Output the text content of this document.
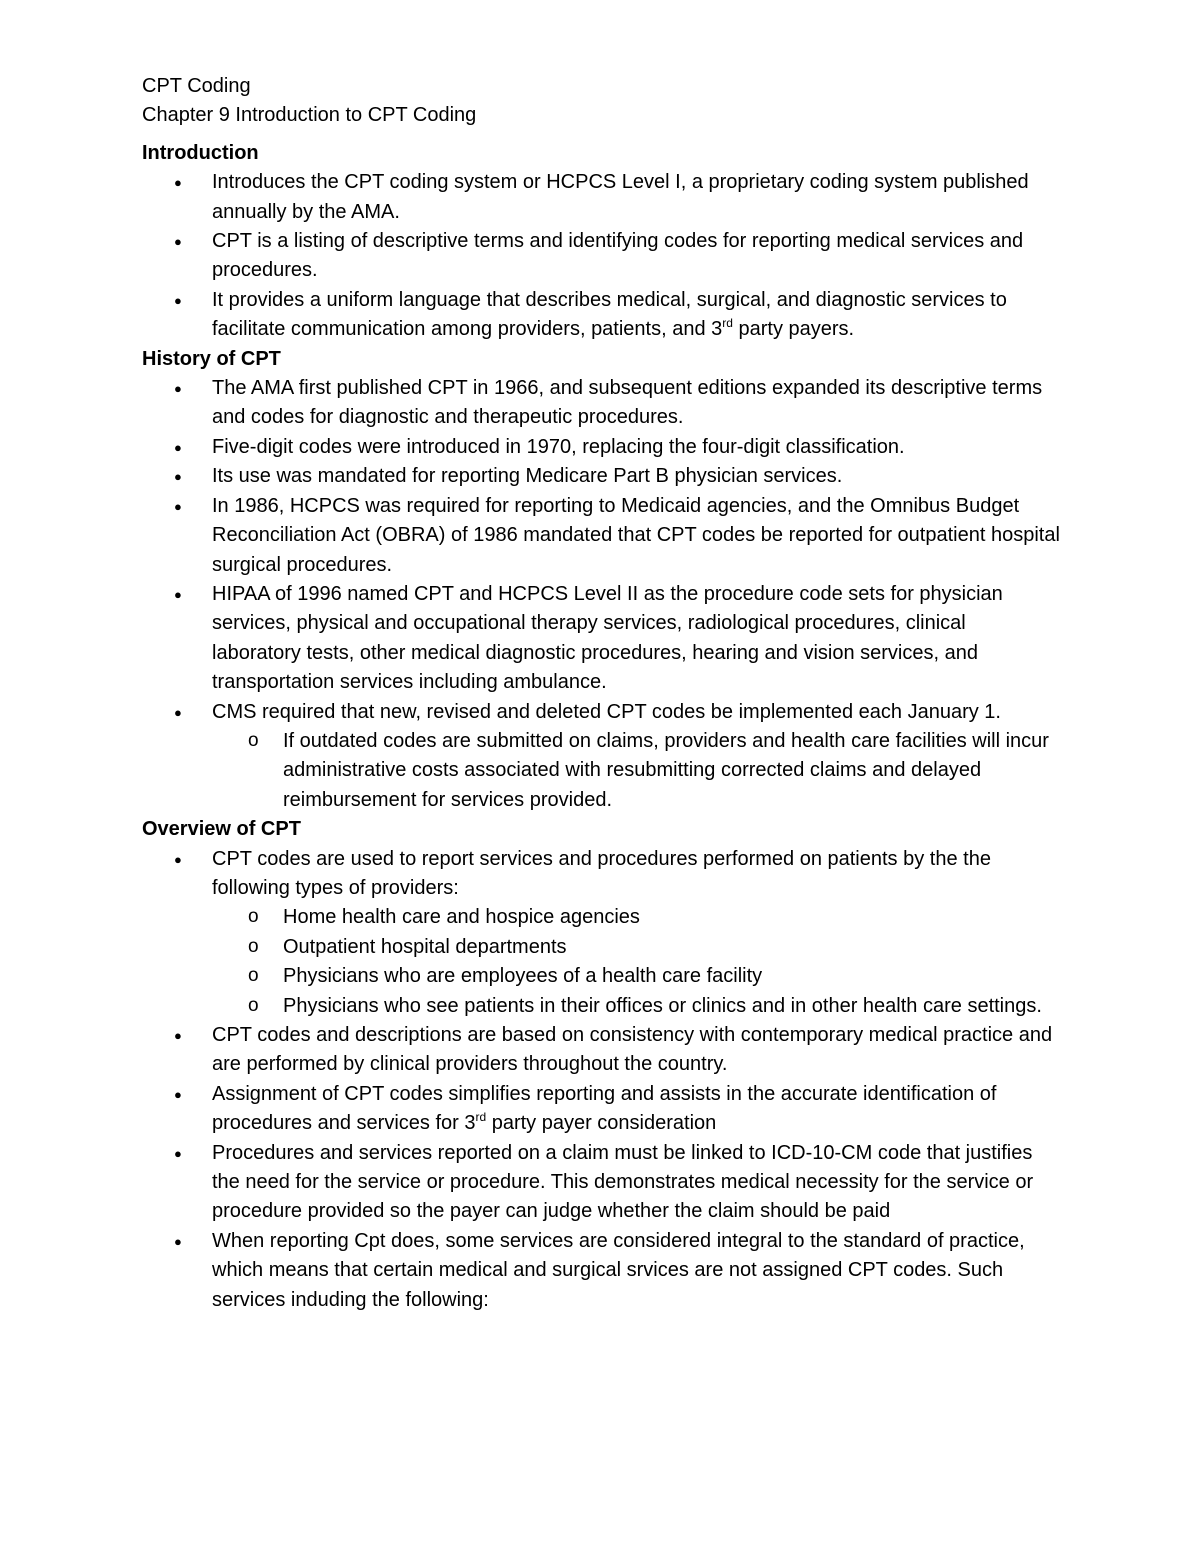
CPT Coding
Chapter 9 Introduction to CPT Coding
Introduction
● Introduces the CPT coding system or HCPCS Level I, a proprietary coding system published annually by the AMA.
● CPT is a listing of descriptive terms and identifying codes for reporting medical services and procedures.
● It provides a uniform language that describes medical, surgical, and diagnostic services to facilitate communication among providers, patients, and 3rd party payers.
History of CPT
● The AMA first published CPT in 1966, and subsequent editions expanded its descriptive terms and codes for diagnostic and therapeutic procedures.
● Five-digit codes were introduced in 1970, replacing the four-digit classification.
● Its use was mandated for reporting Medicare Part B physician services.
● In 1986, HCPCS was required for reporting to Medicaid agencies, and the Omnibus Budget Reconciliation Act (OBRA) of 1986 mandated that CPT codes be reported for outpatient hospital surgical procedures.
● HIPAA of 1996 named CPT and HCPCS Level II as the procedure code sets for physician services, physical and occupational therapy services, radiological procedures, clinical laboratory tests, other medical diagnostic procedures, hearing and vision services, and transportation services including ambulance.
● CMS required that new, revised and deleted CPT codes be implemented each January 1.
o If outdated codes are submitted on claims, providers and health care facilities will incur administrative costs associated with resubmitting corrected claims and delayed reimbursement for services provided.
Overview of CPT
● CPT codes are used to report services and procedures performed on patients by the the following types of providers:
o Home health care and hospice agencies
o Outpatient hospital departments
o Physicians who are employees of a health care facility
o Physicians who see patients in their offices or clinics and in other health care settings.
● CPT codes and descriptions are based on consistency with contemporary medical practice and are performed by clinical providers throughout the country.
● Assignment of CPT codes simplifies reporting and assists in the accurate identification of procedures and services for 3rd party payer consideration
● Procedures and services reported on a claim must be linked to ICD-10-CM code that justifies the need for the service or procedure. This demonstrates medical necessity for the service or procedure provided so the payer can judge whether the claim should be paid
● When reporting Cpt does, some services are considered integral to the standard of practice, which means that certain medical and surgical srvices are not assigned CPT codes. Such services induding the following:
